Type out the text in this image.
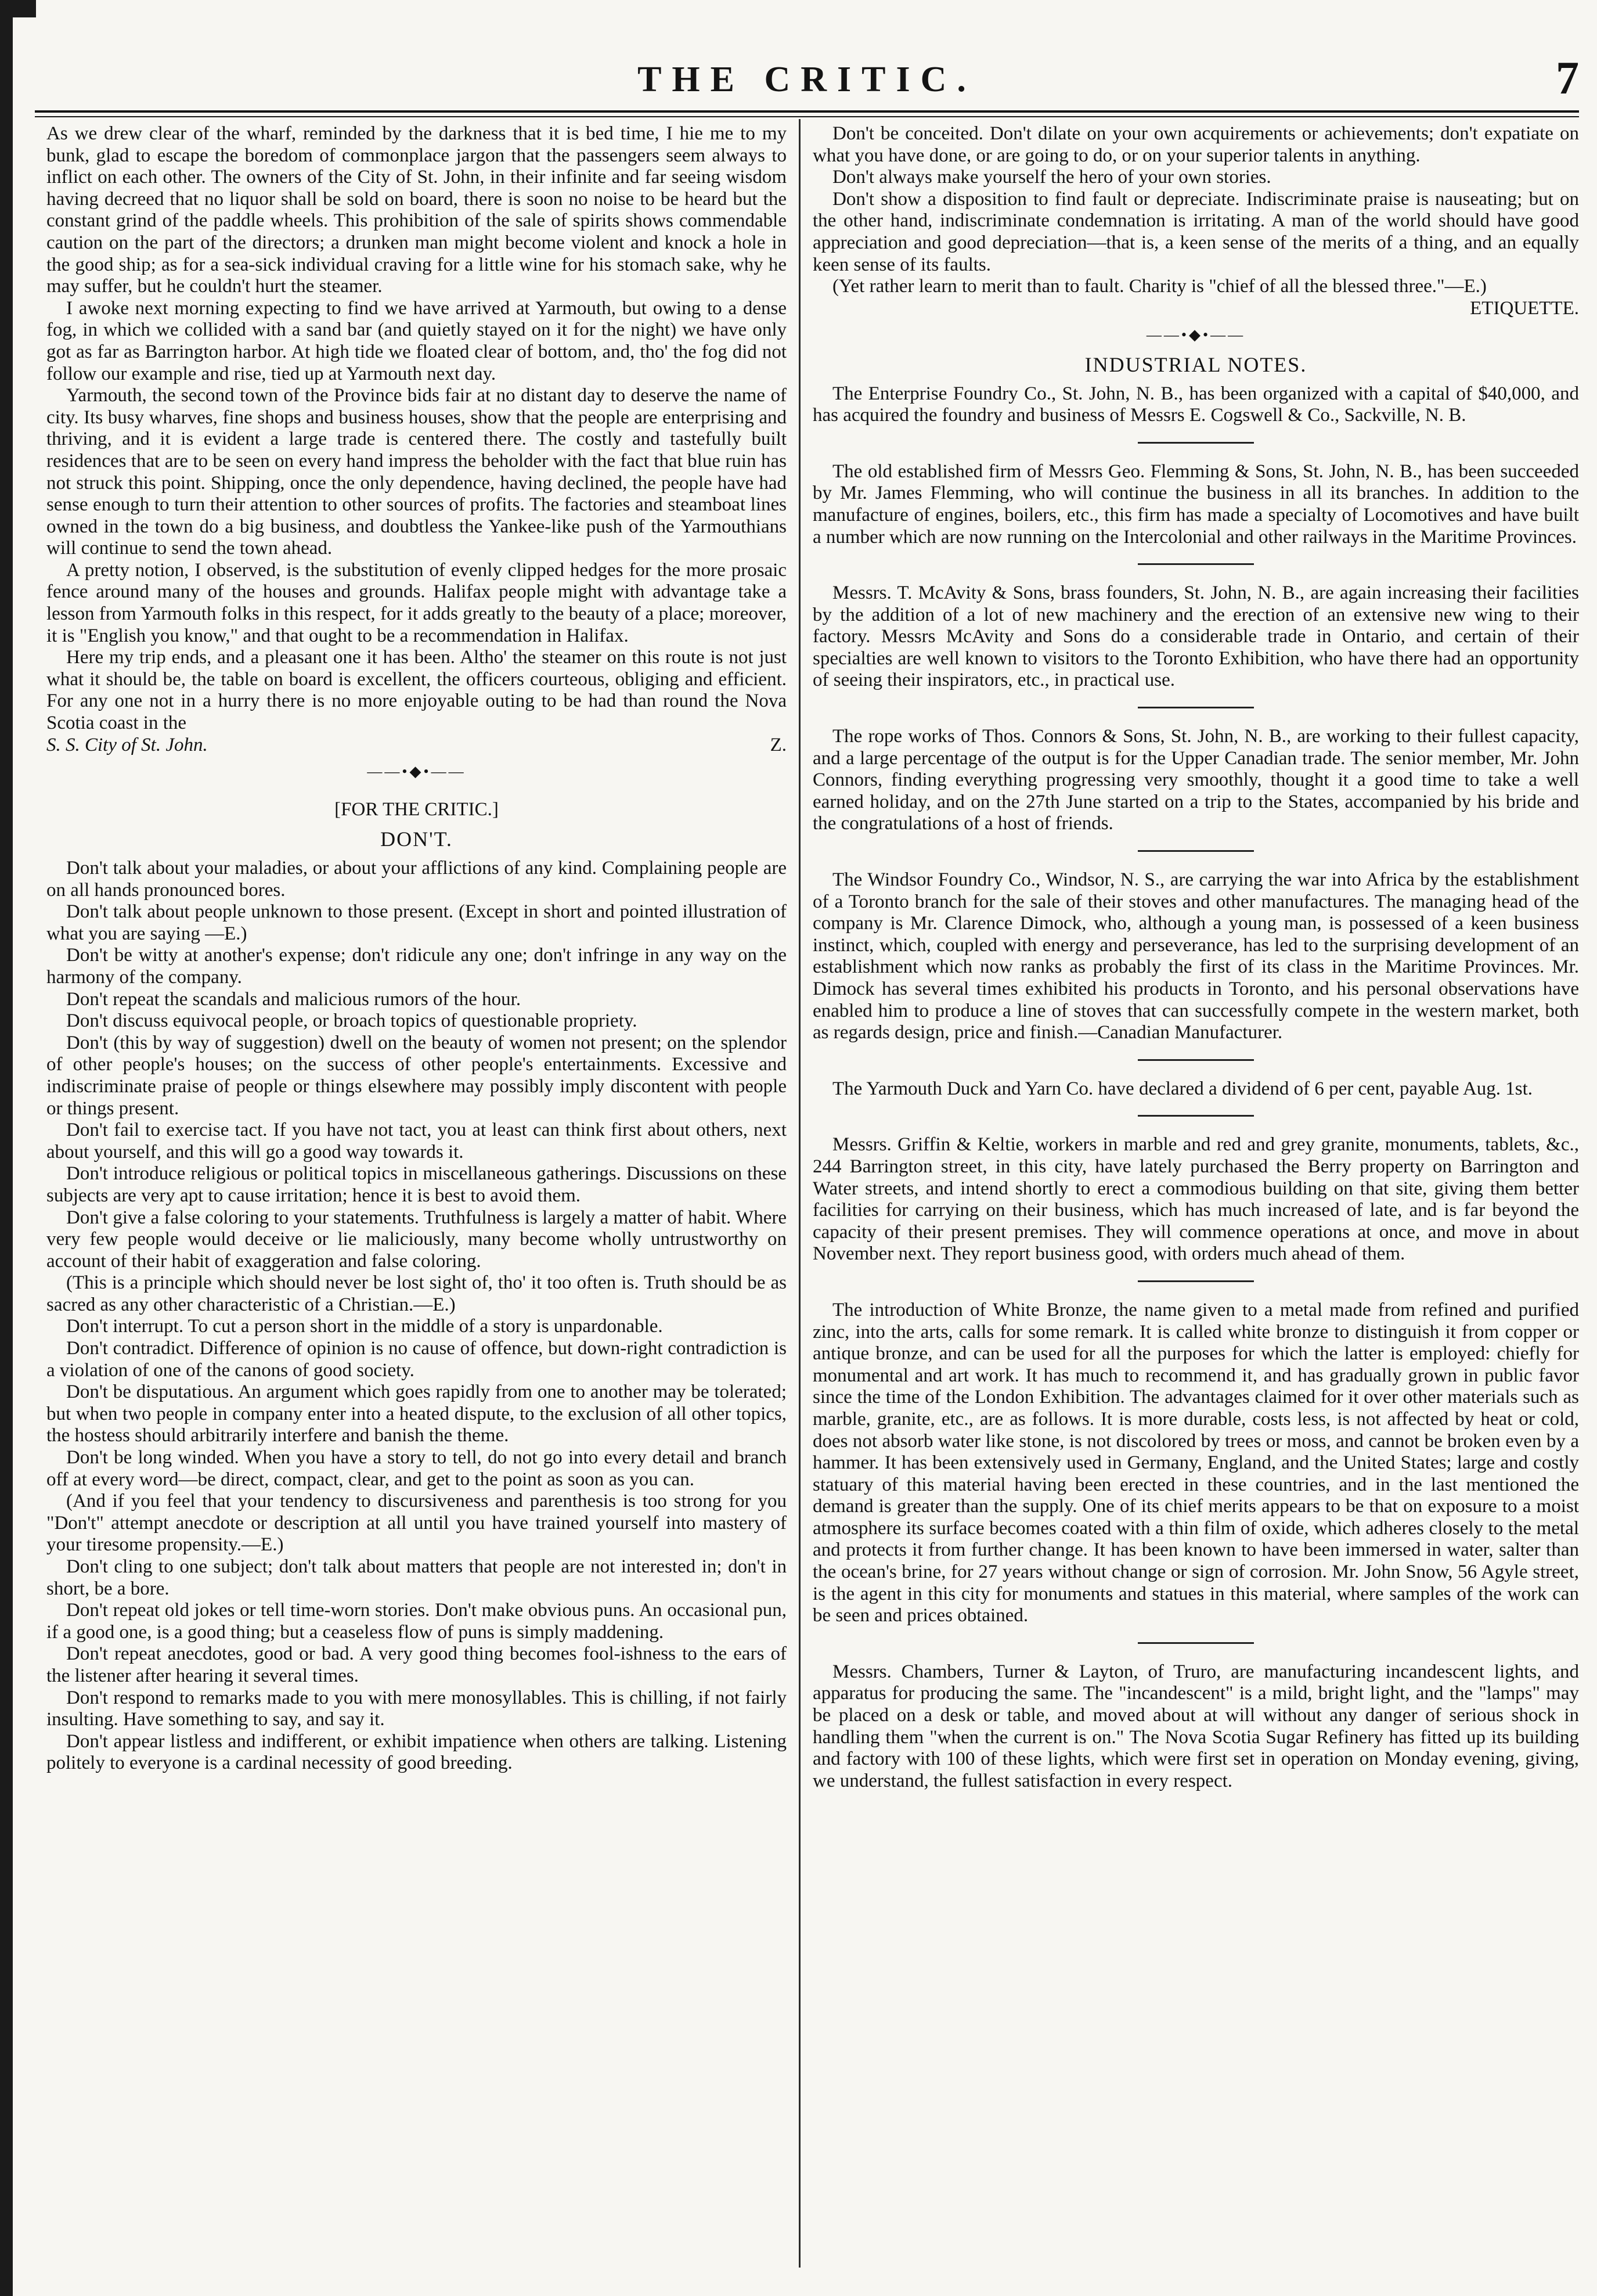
THE CRITIC.	7

As we drew clear of the wharf, reminded by the darkness that it is bed time, I hie me to my bunk, glad to escape the boredom of commonplace jargon that the passengers seem always to inflict on each other. The owners of the City of St. John, in their infinite and far seeing wisdom having decreed that no liquor shall be sold on board, there is soon no noise to be heard but the constant grind of the paddle wheels. This prohibition of the sale of spirits shows commendable caution on the part of the directors; a drunken man might become violent and knock a hole in the good ship; as for a sea-sick individual craving for a little wine for his stomach sake, why he may suffer, but he couldn't hurt the steamer.

I awoke next morning expecting to find we have arrived at Yarmouth, but owing to a dense fog, in which we collided with a sand bar (and quietly stayed on it for the night) we have only got as far as Barrington harbor. At high tide we floated clear of bottom, and, tho' the fog did not follow our example and rise, tied up at Yarmouth next day.

Yarmouth, the second town of the Province bids fair at no distant day to deserve the name of city. Its busy wharves, fine shops and business houses, show that the people are enterprising and thriving, and it is evident a large trade is centered there. The costly and tastefully built residences that are to be seen on every hand impress the beholder with the fact that blue ruin has not struck this point. Shipping, once the only dependence, having declined, the people have had sense enough to turn their attention to other sources of profits. The factories and steamboat lines owned in the town do a big business, and doubtless the Yankee-like push of the Yarmouthians will continue to send the town ahead.

A pretty notion, I observed, is the substitution of evenly clipped hedges for the more prosaic fence around many of the houses and grounds. Halifax people might with advantage take a lesson from Yarmouth folks in this respect, for it adds greatly to the beauty of a place; moreover, it is "English you know," and that ought to be a recommendation in Halifax.

Here my trip ends, and a pleasant one it has been. Altho' the steamer on this route is not just what it should be, the table on board is excellent, the officers courteous, obliging and efficient. For any one not in a hurry there is no more enjoyable outing to be had than round the Nova Scotia coast in the

S. S. City of St. John.	Z.
——•◆•——
[FOR THE CRITIC.]
DON'T.

Don't talk about your maladies, or about your afflictions of any kind. Complaining people are on all hands pronounced bores.

Don't talk about people unknown to those present. (Except in short and pointed illustration of what you are saying —E.)

Don't be witty at another's expense; don't ridicule any one; don't infringe in any way on the harmony of the company.

Don't repeat the scandals and malicious rumors of the hour.

Don't discuss equivocal people, or broach topics of questionable propriety.

Don't (this by way of suggestion) dwell on the beauty of women not present; on the splendor of other people's houses; on the success of other people's entertainments. Excessive and indiscriminate praise of people or things elsewhere may possibly imply discontent with people or things present.

Don't fail to exercise tact. If you have not tact, you at least can think first about others, next about yourself, and this will go a good way towards it.

Don't introduce religious or political topics in miscellaneous gatherings. Discussions on these subjects are very apt to cause irritation; hence it is best to avoid them.

Don't give a false coloring to your statements. Truthfulness is largely a matter of habit. Where very few people would deceive or lie maliciously, many become wholly untrustworthy on account of their habit of exaggeration and false coloring.

(This is a principle which should never be lost sight of, tho' it too often is. Truth should be as sacred as any other characteristic of a Christian.—E.)

Don't interrupt. To cut a person short in the middle of a story is unpardonable.

Don't contradict. Difference of opinion is no cause of offence, but down-right contradiction is a violation of one of the canons of good society.

Don't be disputatious. An argument which goes rapidly from one to another may be tolerated; but when two people in company enter into a heated dispute, to the exclusion of all other topics, the hostess should arbitrarily interfere and banish the theme.

Don't be long winded. When you have a story to tell, do not go into every detail and branch off at every word—be direct, compact, clear, and get to the point as soon as you can.

(And if you feel that your tendency to discursiveness and parenthesis is too strong for you "Don't" attempt anecdote or description at all until you have trained yourself into mastery of your tiresome propensity.—E.)

Don't cling to one subject; don't talk about matters that people are not interested in; don't in short, be a bore.

Don't repeat old jokes or tell time-worn stories. Don't make obvious puns. An occasional pun, if a good one, is a good thing; but a ceaseless flow of puns is simply maddening.

Don't repeat anecdotes, good or bad. A very good thing becomes fool-ishness to the ears of the listener after hearing it several times.

Don't respond to remarks made to you with mere monosyllables. This is chilling, if not fairly insulting. Have something to say, and say it.

Don't appear listless and indifferent, or exhibit impatience when others are talking. Listening politely to everyone is a cardinal necessity of good breeding.

Don't be conceited. Don't dilate on your own acquirements or achievements; don't expatiate on what you have done, or are going to do, or on your superior talents in anything.

Don't always make yourself the hero of your own stories.

Don't show a disposition to find fault or depreciate. Indiscriminate praise is nauseating; but on the other hand, indiscriminate condemnation is irritating. A man of the world should have good appreciation and good depreciation—that is, a keen sense of the merits of a thing, and an equally keen sense of its faults.

(Yet rather learn to merit than to fault. Charity is "chief of all the blessed three."—E.)

ETIQUETTE.
——•◆•——
INDUSTRIAL NOTES.

The Enterprise Foundry Co., St. John, N. B., has been organized with a capital of $40,000, and has acquired the foundry and business of Messrs E. Cogswell & Co., Sackville, N. B.

The old established firm of Messrs Geo. Flemming & Sons, St. John, N. B., has been succeeded by Mr. James Flemming, who will continue the business in all its branches. In addition to the manufacture of engines, boilers, etc., this firm has made a specialty of Locomotives and have built a number which are now running on the Intercolonial and other railways in the Maritime Provinces.

Messrs. T. McAvity & Sons, brass founders, St. John, N. B., are again increasing their facilities by the addition of a lot of new machinery and the erection of an extensive new wing to their factory. Messrs McAvity and Sons do a considerable trade in Ontario, and certain of their specialties are well known to visitors to the Toronto Exhibition, who have there had an opportunity of seeing their inspirators, etc., in practical use.

The rope works of Thos. Connors & Sons, St. John, N. B., are working to their fullest capacity, and a large percentage of the output is for the Upper Canadian trade. The senior member, Mr. John Connors, finding everything progressing very smoothly, thought it a good time to take a well earned holiday, and on the 27th June started on a trip to the States, accompanied by his bride and the congratulations of a host of friends.

The Windsor Foundry Co., Windsor, N. S., are carrying the war into Africa by the establishment of a Toronto branch for the sale of their stoves and other manufactures. The managing head of the company is Mr. Clarence Dimock, who, although a young man, is possessed of a keen business instinct, which, coupled with energy and perseverance, has led to the surprising development of an establishment which now ranks as probably the first of its class in the Maritime Provinces. Mr. Dimock has several times exhibited his products in Toronto, and his personal observations have enabled him to produce a line of stoves that can successfully compete in the western market, both as regards design, price and finish.—Canadian Manufacturer.

The Yarmouth Duck and Yarn Co. have declared a dividend of 6 per cent, payable Aug. 1st.

Messrs. Griffin & Keltie, workers in marble and red and grey granite, monuments, tablets, &c., 244 Barrington street, in this city, have lately purchased the Berry property on Barrington and Water streets, and intend shortly to erect a commodious building on that site, giving them better facilities for carrying on their business, which has much increased of late, and is far beyond the capacity of their present premises. They will commence operations at once, and move in about November next. They report business good, with orders much ahead of them.

The introduction of White Bronze, the name given to a metal made from refined and purified zinc, into the arts, calls for some remark. It is called white bronze to distinguish it from copper or antique bronze, and can be used for all the purposes for which the latter is employed: chiefly for monumental and art work. It has much to recommend it, and has gradually grown in public favor since the time of the London Exhibition. The advantages claimed for it over other materials such as marble, granite, etc., are as follows. It is more durable, costs less, is not affected by heat or cold, does not absorb water like stone, is not discolored by trees or moss, and cannot be broken even by a hammer. It has been extensively used in Germany, England, and the United States; large and costly statuary of this material having been erected in these countries, and in the last mentioned the demand is greater than the supply. One of its chief merits appears to be that on exposure to a moist atmosphere its surface becomes coated with a thin film of oxide, which adheres closely to the metal and protects it from further change. It has been known to have been immersed in water, salter than the ocean's brine, for 27 years without change or sign of corrosion. Mr. John Snow, 56 Agyle street, is the agent in this city for monuments and statues in this material, where samples of the work can be seen and prices obtained.

Messrs. Chambers, Turner & Layton, of Truro, are manufacturing incandescent lights, and apparatus for producing the same. The "incandescent" is a mild, bright light, and the "lamps" may be placed on a desk or table, and moved about at will without any danger of serious shock in handling them "when the current is on." The Nova Scotia Sugar Refinery has fitted up its building and factory with 100 of these lights, which were first set in operation on Monday evening, giving, we understand, the fullest satisfaction in every respect.
